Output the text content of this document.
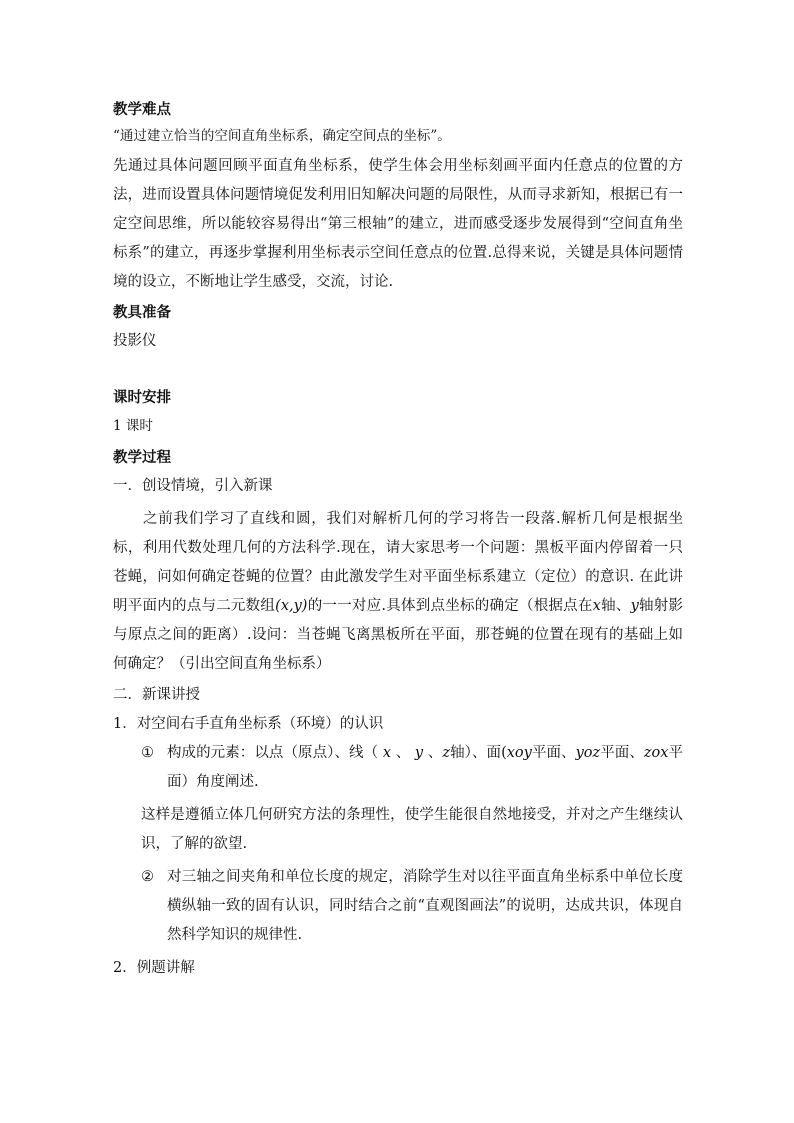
教学难点

“通过建立恰当的空间直角坐标系，确定空间点的坐标”。

先通过具体问题回顾平面直角坐标系，使学生体会用坐标刻画平面内任意点的位置的方法，进而设置具体问题情境促发利用旧知解决问题的局限性，从而寻求新知，根据已有一定空间思维，所以能较容易得出“第三根轴”的建立，进而感受逐步发展得到“空间直角坐标系”的建立，再逐步掌握利用坐标表示空间任意点的位置.总得来说，关键是具体问题情境的设立，不断地让学生感受，交流，讨论.

教具准备

投影仪

课时安排

1 课时

教学过程

一．创设情境，引入新课

之前我们学习了直线和圆，我们对解析几何的学习将告一段落.解析几何是根据坐标，利用代数处理几何的方法科学.现在，请大家思考一个问题：黑板平面内停留着一只苍蝇，问如何确定苍蝇的位置？由此激发学生对平面坐标系建立（定位）的意识. 在此讲明平面内的点与二元数组(x,y)的一一对应.具体到点坐标的确定（根据点在x轴、y轴射影与原点之间的距离）.设问：当苍蝇飞离黑板所在平面，那苍蝇的位置在现有的基础上如何确定？（引出空间直角坐标系）

二．新课讲授

1．对空间右手直角坐标系（环境）的认识

① 构成的元素：以点（原点）、线（ x 、 y 、z轴）、面(xoy平面、yoz平面、zox平面）角度阐述.

这样是遵循立体几何研究方法的条理性，使学生能很自然地接受，并对之产生继续认识，了解的欲望.

② 对三轴之间夹角和单位长度的规定，消除学生对以往平面直角坐标系中单位长度横纵轴一致的固有认识，同时结合之前“直观图画法”的说明，达成共识，体现自然科学知识的规律性.

2．例题讲解
